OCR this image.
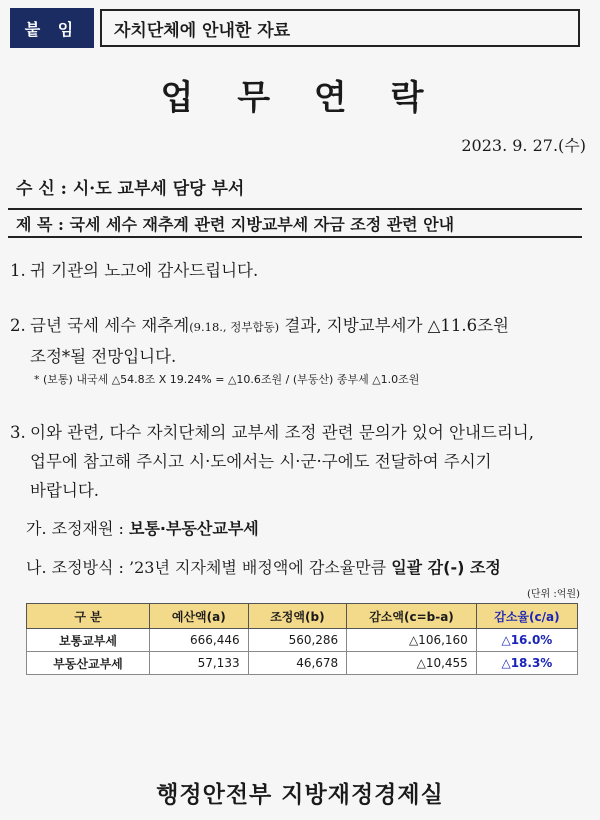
붙 임	자치단체에 안내한 자료
업 무 연 락
2023. 9. 27.(수)
수 신 : 시·도 교부세 담당 부서
제 목 : 국세 세수 재추계 관련 지방교부세 자금 조정 관련 안내
1. 귀 기관의 노고에 감사드립니다.
2. 금년 국세 세수 재추계(9.18., 정부합동) 결과, 지방교부세가 △11.6조원
조정*될 전망입니다.
* (보통) 내국세 △54.8조 X 19.24% = △10.6조원 / (부동산) 종부세 △1.0조원
3. 이와 관련, 다수 자치단체의 교부세 조정 관련 문의가 있어 안내드리니,
업무에 참고해 주시고 시·도에서는 시·군·구에도 전달하여 주시기
바랍니다.
가. 조정재원 : 보통·부동산교부세
나. 조정방식 : ’23년 지자체별 배정액에 감소율만큼 일괄 감(-) 조정
(단위 :억원)
구 분	예산액(a)	조정액(b)	감소액(c=b-a)	감소율(c/a)
보통교부세	666,446	560,286	△106,160	△16.0%
부동산교부세	57,133	46,678	△10,455	△18.3%
행정안전부 지방재정경제실
